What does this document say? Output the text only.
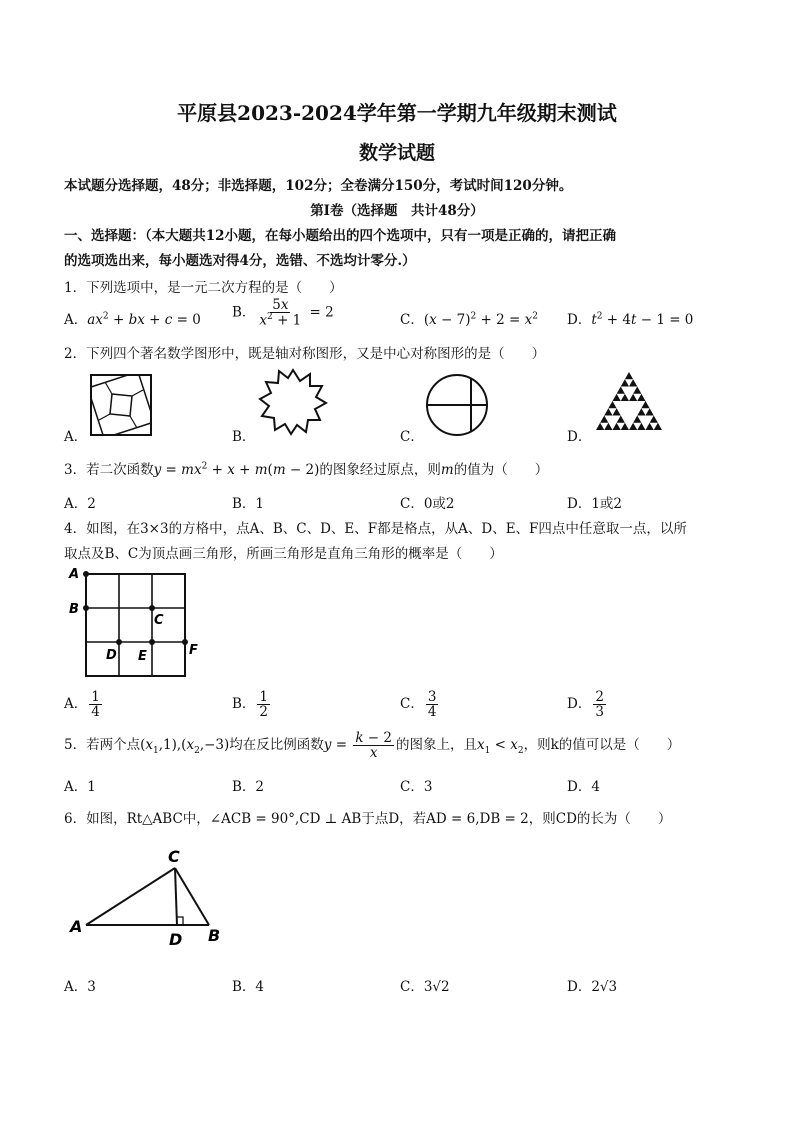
平原县2023-2024学年第一学期九年级期末测试
数学试题
本试题分选择题，48分；非选择题，102分；全卷满分150分，考试时间120分钟。
第Ⅰ卷（选择题　共计48分）
一、选择题：（本大题共12小题，在每小题给出的四个选项中，只有一项是正确的，请把正确
的选项选出来，每小题选对得4分，选错、不选均计零分.）
1．下列选项中，是一元二次方程的是（　　）
A．$ax^2$ + bx + c = 0 B． $\frac{5x}{x^2 + 1} = 2$	C．$(x - 7)^2 + 2 = x^2$ D．$t^2 + 4t - 1 = 0$
2．下列四个著名数学图形中，既是轴对称图形，又是中心对称图形的是（　　）
A．	B．	C．	D．
3．若二次函数$y = mx^2 + x + m(m - 2)$的图象经过原点，则m的值为（　　）
A．2	B．1	C．0或2	D．1或2
4．如图，在3×3的方格中，点A、B、C、D、E、F都是格点，从A、D、E、F四点中任意取一点，以所
取点及B、C为顶点画三角形，所画三角形是直角三角形的概率是（　　）
A
B
C
D E	F
A． $\frac{1}{4}$	B． $\frac{1}{2}$	C． $\frac{3}{4}$	D． $\frac{2}{3}$
5．若两个点$(x_1,1),(x_2,-3)$均在反比例函数$y = \frac{k - 2}{x}$ 的图象上，且$x_1 < x_2$，则k的值可以是（　　）
A．1	B．2	C．3	D．4
6．如图，Rt△ABC中，∠ACB = 90°,CD ⊥ AB于点D，若AD = 6,DB = 2，则CD的长为（　　）
C
A
D B
A．3	B．4	C．3√2	D．2√3
